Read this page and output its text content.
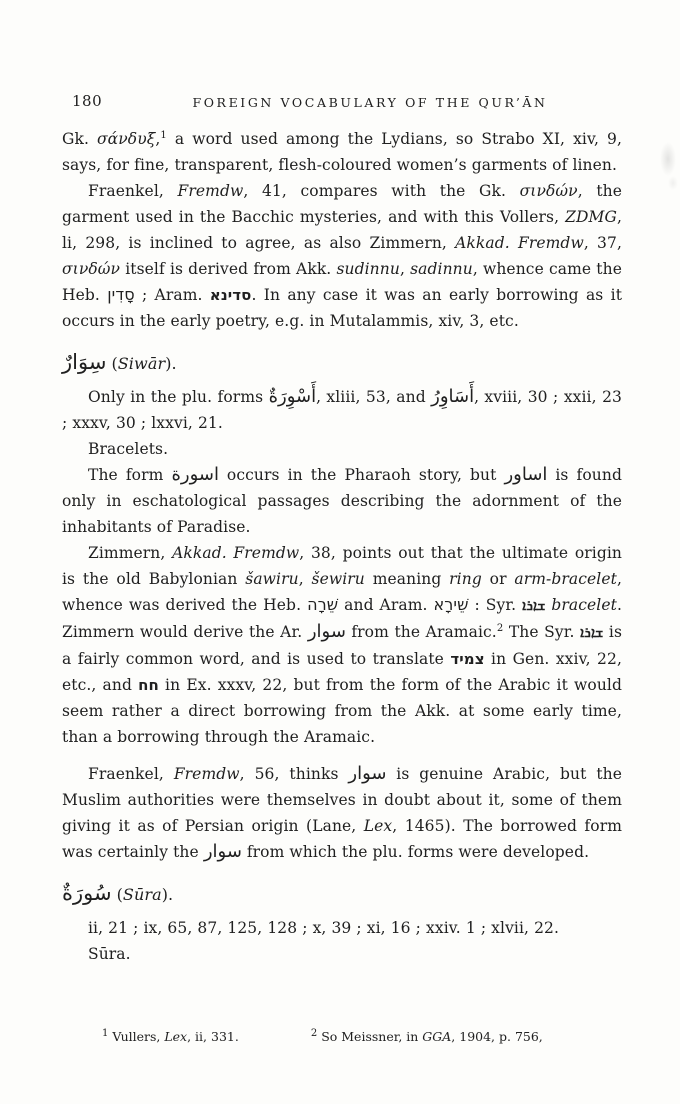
180	FOREIGN VOCABULARY OF THE QUR’ĀN

Gk. σάνδυξ,$^1$ a word used among the Lydians, so Strabo XI, xiv, 9, says, for fine, transparent, flesh-coloured women’s garments of linen.

Fraenkel, Fremdw, 41, compares with the Gk. σινδών, the garment used in the Bacchic mysteries, and with this Vollers, ZDMG, li, 298, is inclined to agree, as also Zimmern, Akkad. Fremdw, 37, σινδών itself is derived from Akk. sudinnu, sadinnu, whence came the Heb. סָדִין ; Aram. סדינא. In any case it was an early borrowing as it occurs in the early poetry, e.g. in Mutalammis, xiv, 3, etc.

سِوَارٌ (Siwār).

Only in the plu. forms أَسْوِرَةٌ, xliii, 53, and أَسَاوِرُ, xviii, 30 ; xxii, 23 ; xxxv, 30 ; lxxvi, 21.

Bracelets.

The form اسورة occurs in the Pharaoh story, but اساور is found only in eschatological passages describing the adornment of the inhabitants of Paradise.

Zimmern, Akkad. Fremdw, 38, points out that the ultimate origin is the old Babylonian šawiru, šewiru meaning ring or arm-bracelet, whence was derived the Heb. שֵׁרָה and Aram. שֵׁירָא : Syr. ܫܐܪܐ bracelet. Zimmern would derive the Ar. سوار from the Aramaic.$^2$ The Syr. ܫܐܪܐ is a fairly common word, and is used to translate צמיד in Gen. xxiv, 22, etc., and חח in Ex. xxxv, 22, but from the form of the Arabic it would seem rather a direct borrowing from the Akk. at some early time, than a borrowing through the Aramaic.

Fraenkel, Fremdw, 56, thinks سوار is genuine Arabic, but the Muslim authorities were themselves in doubt about it, some of them giving it as of Persian origin (Lane, Lex, 1465). The borrowed form was certainly the سوار from which the plu. forms were developed.

سُورَةٌ (Sūra).

ii, 21 ; ix, 65, 87, 125, 128 ; x, 39 ; xi, 16 ; xxiv. 1 ; xlvii, 22.

Sūra.

$^1$ Vullers, Lex, ii, 331.	$^2$ So Meissner, in GGA, 1904, p. 756,
